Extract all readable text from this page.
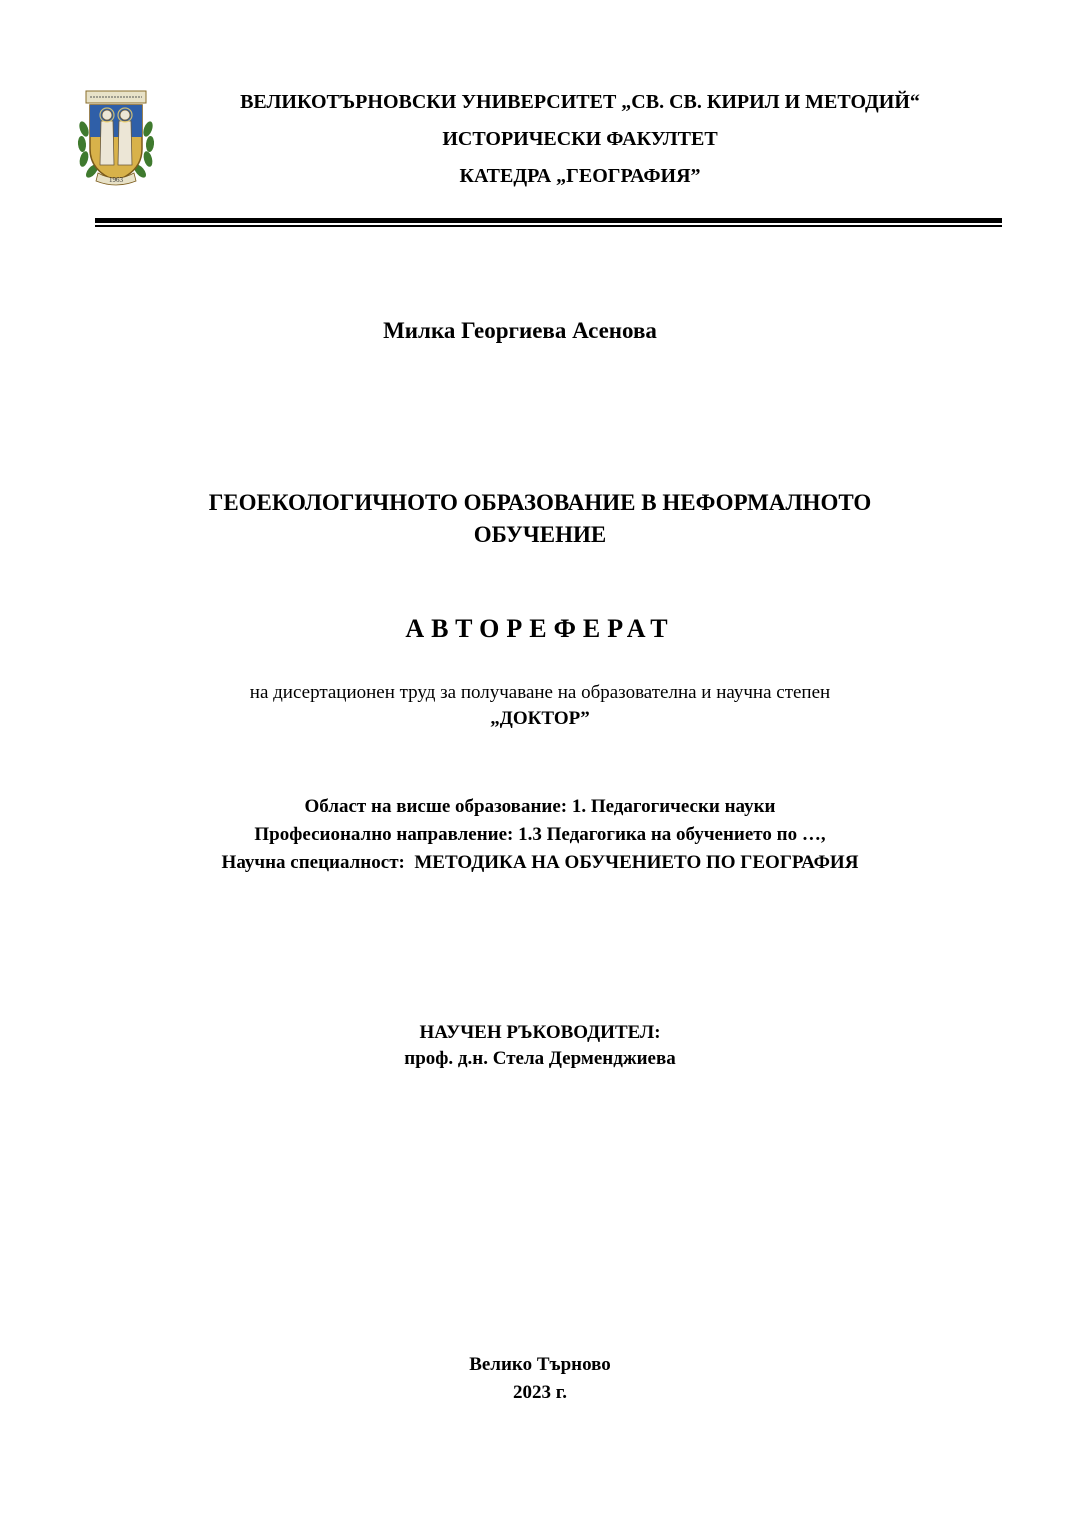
1963
ВЕЛИКОТЪРНОВСКИ УНИВЕРСИТЕТ „СВ. СВ. КИРИЛ И МЕТОДИЙ“
ИСТОРИЧЕСКИ ФАКУЛТЕТ
КАТЕДРА „ГЕОГРАФИЯ”
Милка Георгиева Асенова
ГЕОЕКОЛОГИЧНОТО ОБРАЗОВАНИЕ В НЕФОРМАЛНОТО
ОБУЧЕНИЕ
АВТОРЕФЕРАТ
на дисертационен труд за получаване на образователна и научна степен
„ДОКТОР”
Област на висше образование: 1. Педагогически науки
Професионално направление: 1.3 Педагогика на обучението по …,
Научна специалност:  МЕТОДИКА НА ОБУЧЕНИЕТО ПО ГЕОГРАФИЯ
НАУЧЕН РЪКОВОДИТЕЛ:
проф. д.н. Стела Дерменджиева
Велико Търново
2023 г.
